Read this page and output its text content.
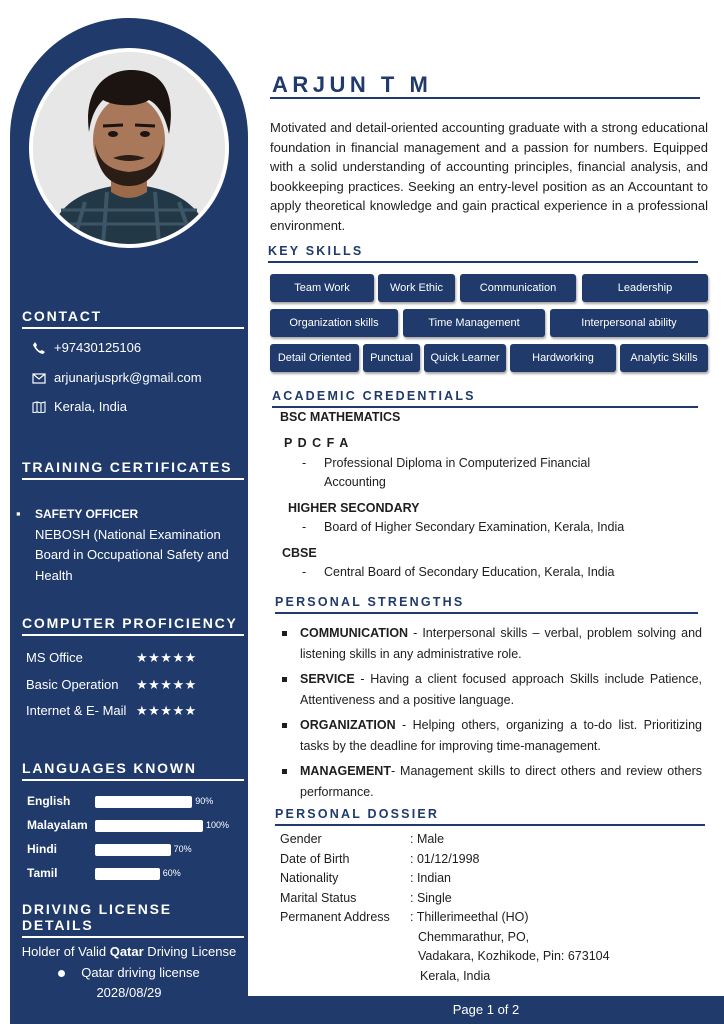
CONTACT
+97430125106
arjunarjusprk@gmail.com
Kerala, India
TRAINING CERTIFICATES
▪	SAFETY OFFICER
NEBOSH (National Examination Board in Occupational Safety and Health
COMPUTER PROFICIENCY
MS Office	★★★★★
Basic Operation ★★★★★
Internet & E- Mail ★★★★★
LANGUAGES KNOWN
English	90%
Malayalam	100%
Hindi	70%
Tamil	60%
DRIVING LICENSE DETAILS
Holder of Valid Qatar Driving License
Qatar driving license
2028/08/29
ARJUN T M
Motivated and detail-oriented accounting graduate with a strong educational foundation in financial management and a passion for numbers. Equipped with a solid understanding of accounting principles, financial analysis, and bookkeeping practices. Seeking an entry-level position as an Accountant to apply theoretical knowledge and gain practical experience in a professional environment.
KEY SKILLS
Team Work	Work Ethic	Communication	Leadership
Organization skills	Time Management	Interpersonal ability
Detail Oriented	Punctual	Quick Learner	Hardworking	Analytic Skills
ACADEMIC CREDENTIALS
BSC MATHEMATICS
P D C F A
- Professional Diploma in Computerized Financial
Accounting
HIGHER SECONDARY
- Board of Higher Secondary Examination, Kerala, India
CBSE
- Central Board of Secondary Education, Kerala, India
PERSONAL STRENGTHS
COMMUNICATION - Interpersonal skills – verbal, problem solving and listening skills in any administrative role.
SERVICE - Having a client focused approach Skills include Patience, Attentiveness and a positive language.
ORGANIZATION - Helping others, organizing a to-do list. Prioritizing tasks by the deadline for improving time-management.
MANAGEMENT- Management skills to direct others and review others performance.
PERSONAL DOSSIER
Gender	: Male
Date of Birth	: 01/12/1998
Nationality	: Indian
Marital Status	: Single
Permanent Address : Thillerimeethal (HO)
Chemmarathur, PO,
Vadakara, Kozhikode, Pin: 673104
Kerala, India
Page 1 of 2
